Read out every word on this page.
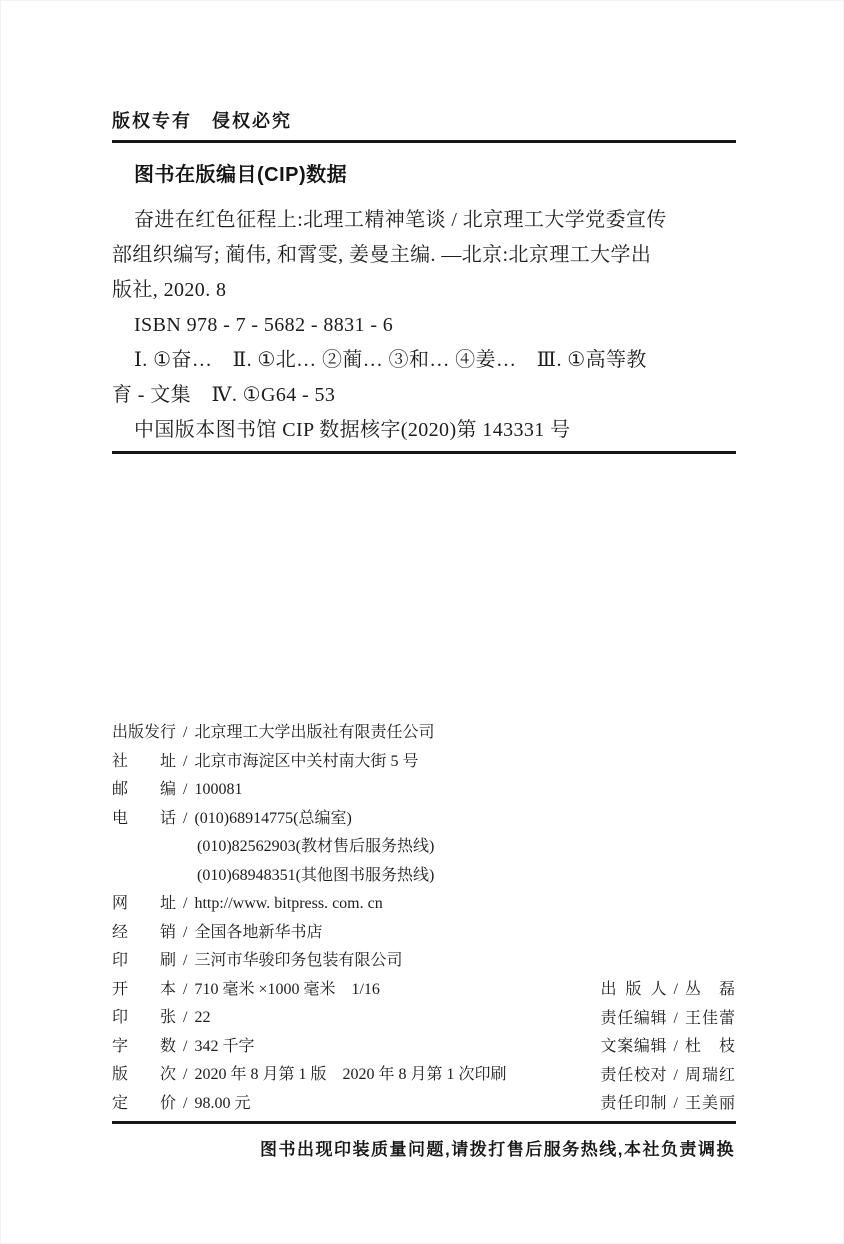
版权专有　侵权必究
图书在版编目(CIP)数据
奋进在红色征程上:北理工精神笔谈 / 北京理工大学党委宣传
部组织编写; 蔺伟, 和霄雯, 姜曼主编. —北京:北京理工大学出
版社, 2020. 8
ISBN 978 - 7 - 5682 - 8831 - 6
Ⅰ. ①奋…　Ⅱ. ①北… ②蔺… ③和… ④姜…　Ⅲ. ①高等教
育 - 文集　Ⅳ. ①G64 - 53
中国版本图书馆 CIP 数据核字(2020)第 143331 号
出版发行 / 北京理工大学出版社有限责任公司
社址 / 北京市海淀区中关村南大街 5 号
邮编 / 100081
电话 / (010)68914775(总编室)
(010)82562903(教材售后服务热线)
(010)68948351(其他图书服务热线)
网址 / http://www. bitpress. com. cn
经销 / 全国各地新华书店
印刷 / 三河市华骏印务包装有限公司
开本 / 710 毫米 ×1000 毫米　1/16
印张 / 22
字数 / 342 千字
版次 / 2020 年 8 月第 1 版　2020 年 8 月第 1 次印刷
定价 / 98.00 元
出版人 / 丛磊
责任编辑 / 王佳蕾
文案编辑 / 杜枝
责任校对 / 周瑞红
责任印制 / 王美丽
图书出现印装质量问题,请拨打售后服务热线,本社负责调换
